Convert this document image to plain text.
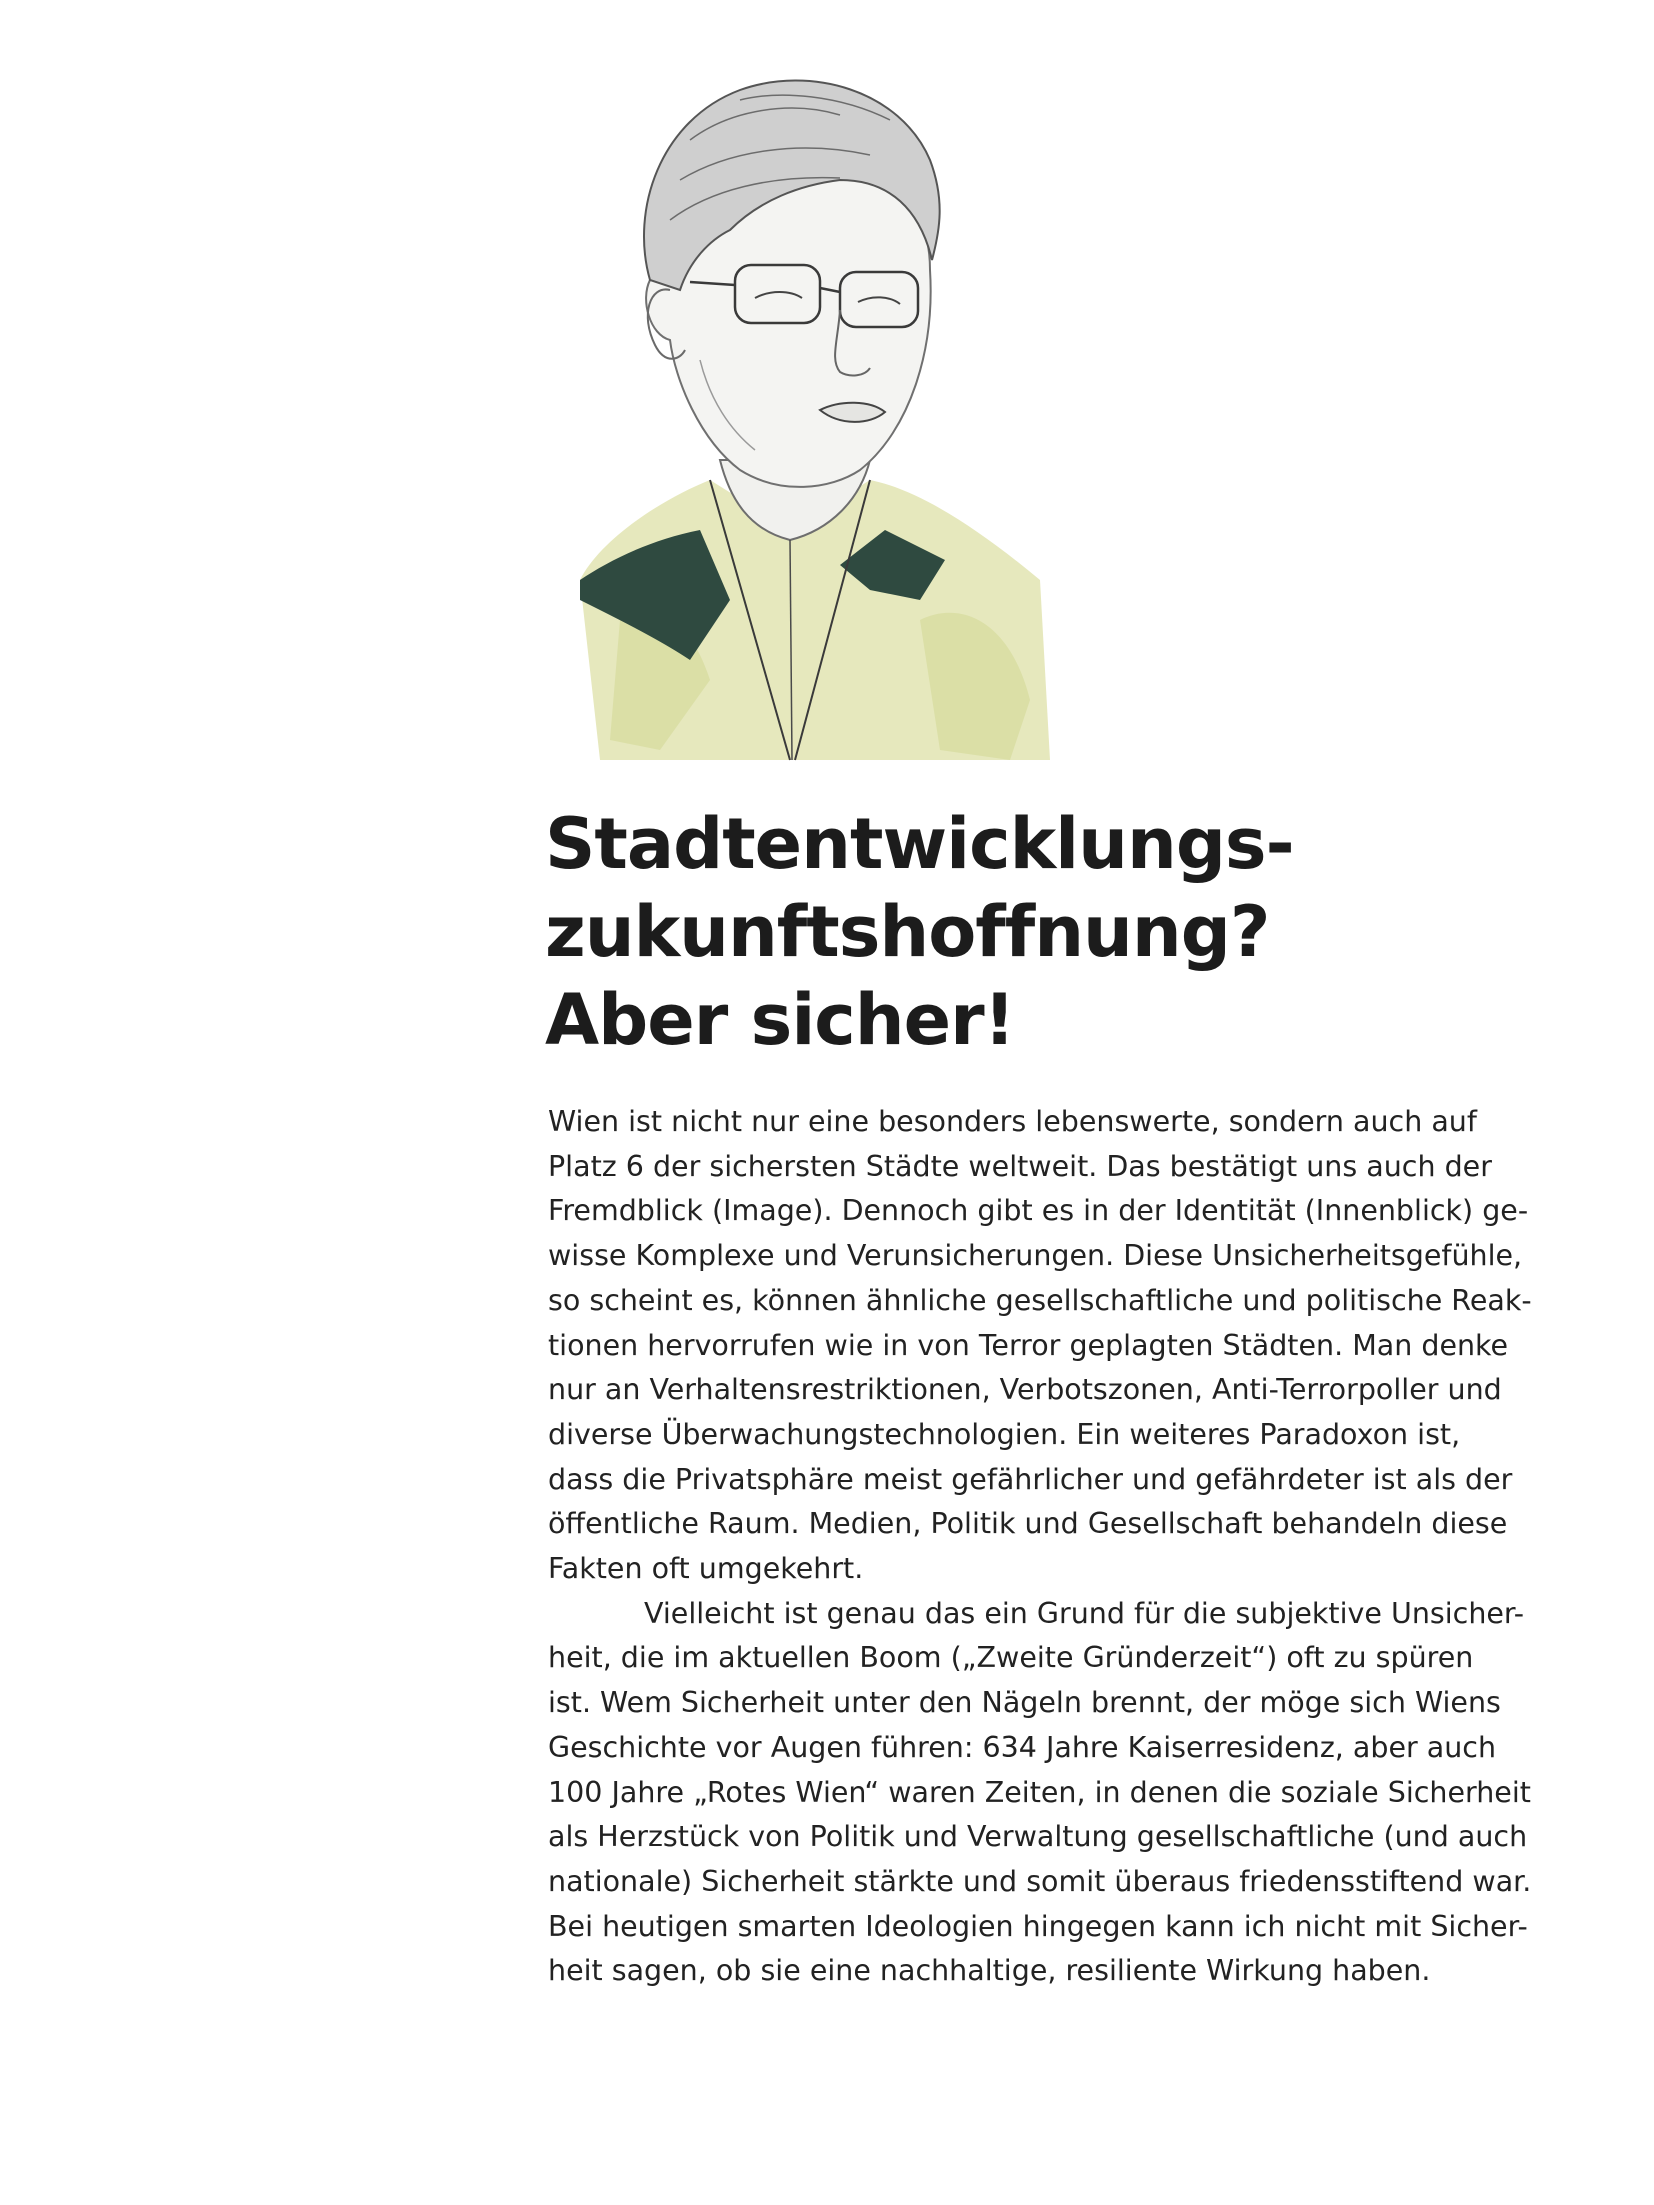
Stadtentwicklungs-
zukunftshoffnung?
Aber sicher!
Wien ist nicht nur eine besonders lebenswerte, sondern auch auf
Platz 6 der sichersten Städte weltweit. Das bestätigt uns auch der
Fremdblick (Image). Dennoch gibt es in der Identität (Innenblick) ge-
wisse Komplexe und Verunsicherungen. Diese Unsicherheitsgefühle,
so scheint es, können ähnliche gesellschaftliche und politische Reak-
tionen hervorrufen wie in von Terror geplagten Städten. Man denke
nur an Verhaltensrestriktionen, Verbotszonen, Anti-Terrorpoller und
diverse Überwachungstechnologien. Ein weiteres Paradoxon ist,
dass die Privatsphäre meist gefährlicher und gefährdeter ist als der
öffentliche Raum. Medien, Politik und Gesellschaft behandeln diese
Fakten oft umgekehrt.
Vielleicht ist genau das ein Grund für die subjektive Unsicher-
heit, die im aktuellen Boom („Zweite Gründerzeit“) oft zu spüren
ist. Wem Sicherheit unter den Nägeln brennt, der möge sich Wiens
Geschichte vor Augen führen: 634 Jahre Kaiserresidenz, aber auch
100 Jahre „Rotes Wien“ waren Zeiten, in denen die soziale Sicherheit
als Herzstück von Politik und Verwaltung gesellschaftliche (und auch
nationale) Sicherheit stärkte und somit überaus friedensstiftend war.
Bei heutigen smarten Ideologien hingegen kann ich nicht mit Sicher-
heit sagen, ob sie eine nachhaltige, resiliente Wirkung haben.
